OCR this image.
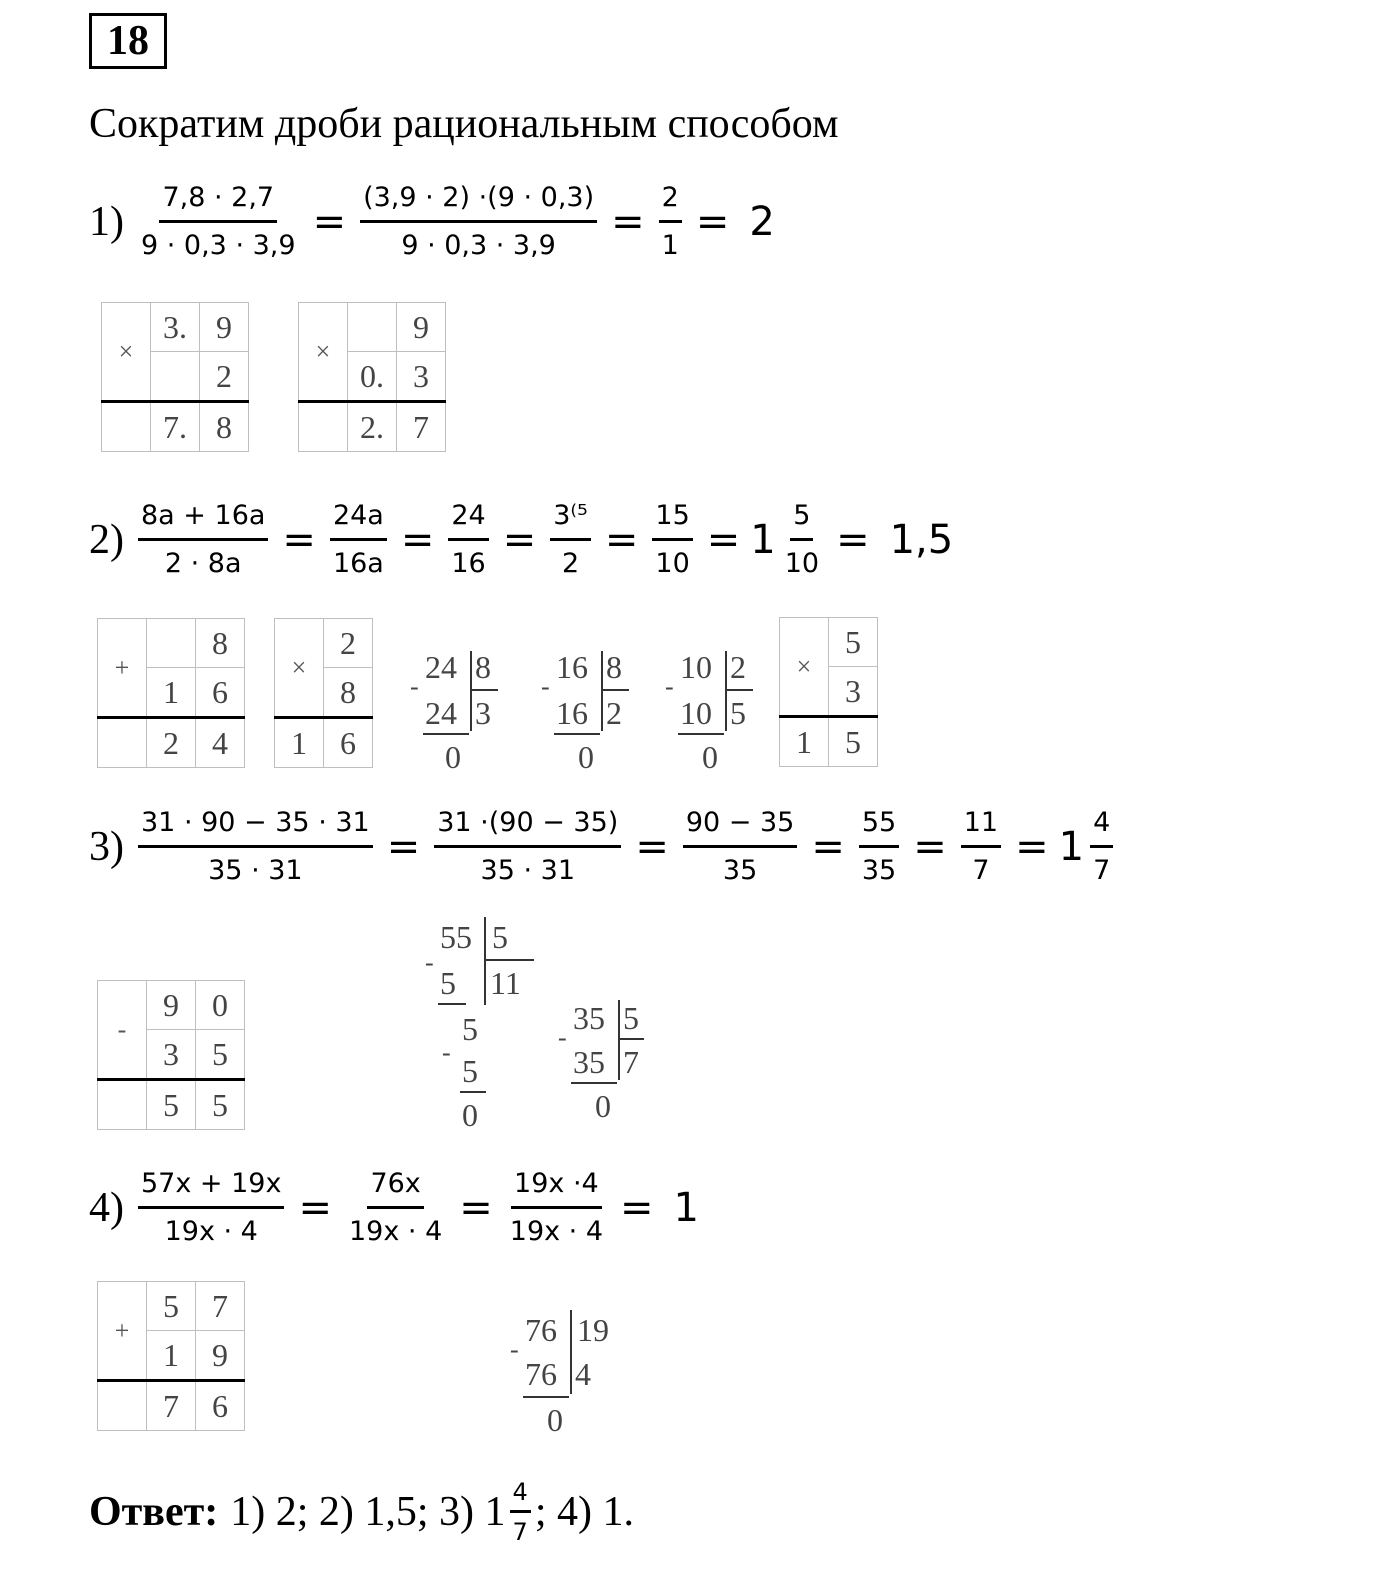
18
Сократим дроби рациональным способом
$1) \frac{7,8 \cdot 2,7}{9 \cdot 0,3 \cdot 3,9} = \frac{(3,9 \cdot 2) \cdot(9 \cdot 0,3)}{9 \cdot 0,3 \cdot 3,9} = \frac{2}{1} = 2$
×	3.	9
		2
	7.	8
×		9
	0.	3
	2.	7
$2) \frac{8a + 16a}{2 \cdot 8a} = \frac{24a}{16a} = \frac{24}{16} = \frac{\text{3⁽⁵}}{2} = \frac{15}{10} = 1 \frac{5}{10} = 1,5$
+		8
	1	6
	2	4
×	2
	8
1	6
-
24 8
24 3
0
-
16 8
16 2
0
-
10 2
10 5
0
×	5
	3
1	5
$3) \frac{31 \cdot 90 - 35 \cdot 31}{35 \cdot 31} = \frac{31 \cdot(90 - 35)}{35 \cdot 31} = \frac{90 - 35}{35} = \frac{55}{35} = \frac{11}{7} = 1 \frac{4}{7}$
-	9	0
	3	5
	5	5
-
55 5
5 11
5
-
5
0
-
35 5
35 7
0
$4) \frac{57x + 19x}{19x \cdot 4} = \frac{76x}{19x \cdot 4} = \frac{19x \cdot 4}{19x \cdot 4} = 1$
+	5	7
	1	9
	7	6
-
76 19
76 4
0
Ответ: 1) 2; 2) 1,5; 3) $1 \frac{4}{7}$ ; 4) 1.
